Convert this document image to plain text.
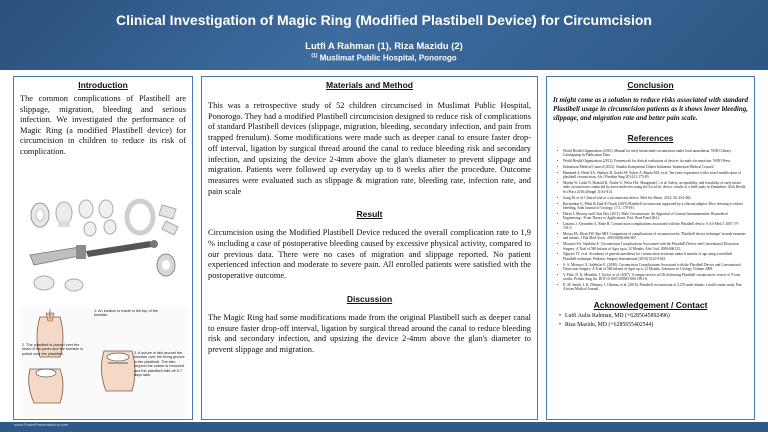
Clinical Investigation of Magic Ring (Modified Plastibell Device) for Circumcision
Lutfi A Rahman (1), Riza Mazidu (2)
$^{(1)}$ Muslimat Public Hospital, Ponorogo
Introduction
The common complications of Plastibell are slippage, migration, bleeding and serious infection. We investigated the performance of Magic Ring (a modified Plastibell device) for circumcision in children to reduce its risk of complication.
1. An incision is made in the top of the foreskin.
2. The plastibell is placed over the head of the penis and the foreskin is pulled over the plastibell.	3. A suture is tied around the foreskin over the fixing groove in the plastibell. The skin beyond the suture is removed and the plastibell falls off 5-7 days later.
Materials and Method
This was a retrospective study of 52 children circumcised in Muslimat Public Hospital, Ponorogo. They had a modified Plastibell circumcision designed to reduce risk of complications of standard Plastibell devices (slippage, migration, bleeding, secondary infection, and pain from trapped frenulum). Some modifications were made such as deeper canal to ensure faster drop-off interval, ligation by surgical thread around the canal to reduce bleeding risk and secondary infection, and upsizing the device 2-4mm above the glan's diameter to prevent slippage and migration. Patients were followed up everyday up to 8 weeks after the procedure. Outcome measures were evaluated such as slippage & migration rate, bleeding rate, infection rate, and pain scale
Result
Circumcision using the Modified Plastibell Device reduced the overall complication rate to 1,9 % including a case of postoperative bleeding caused by excessive physical activity, compared to our previous data. There were no cases of migration and slippage reported. No patient experienced infection and moderate to severe pain. All enrolled patients were satisfied with the postoperative outcome.
Discussion
The Magic Ring had some modifications made from the original Plastibell such as deeper canal to ensure faster drop-off interval, ligation by surgical thread around the canal to reduce bleeding risk and secondary infection, and upsizing the device 2-4mm above the glan's diameter to prevent slippage and migration.
Conclusion
It might come as a solution to reduce risks associated with standard Plastibell usage in circumcision patients as it shows lower bleeding, slippage, and migration rate and better pain scale.
References
• World Health Organization (2010). Manual for early infant male circumcision under local anaesthesia. WHO Library Cataloguing-in-Publication Data.
• World Health Organization (2012). Framework for clinical evaluation of devices for male circumcision. WHO Press.
• Indonesian Medical Council (2012). Standar Kompetensi Dokter Indonesia. Indonesian Medical Council.
• Hammed A, Helal AA, Shahroy R, Grado SF, Salyer A, Rauda MA, et al. Ten years experience with a novel modification of plastibell circumcision. Afr J Paediatr Surg 2014;11:175-83.
• Mavhu W, Larke N, Hatzold K, Ncube G, Weiss HA, Mangenah C, et al. Safety, acceptability, and feasibility of early infant male circumcision conducted by nurse-midwives using the AccuCirc device: results of a field study in Zimbabwe. Glob Health Sci Pract 2016;4(Suppl 1):S2-S14.
• Jiang M, et al. Clinical trial of a circumcision device. Med Sci Monit, 2014; 20: 454-462.
• Ravisankar G, Pillai & Ziad Al Nasrb (2019) Plastibell circumcision supported by a silicone adaptor: How dressing to reduce bleeding, Arab Journal of Urology, 17:3, 179-181.
• Dhruv L Mooray and Chris Hoy (2011). Male Circumcision: An Appraisal of Current Instrumentation. Biomedical Engineering - From Theory to Applications, Prof. Reza Fazel (Ed.).
• Lazarus J, Alexander A, Rode H. Circumcision complications associated with the Plastibell device. S Afr Med J. 2007; 97: 192-3.
• Moosa FA, Khan FW, Rao MH. Comparison of complications of circumcision by 'Plastibell device technique' in male neonates and infants. J Pak Med Assoc. 2010;60(8):664-667.
• Mousavi SA, Salehifar E. Circumcision Complications Associated with the Plastibell Device and Conventional Dissection Surgery: A Trial of 586 Infants of Ages up to 12 Months. Adv Urol. 2008:606123.
• Nguyen TT, et al. Avoidance of general anesthesia for circumcision in infants under 6 months of age using a modified Plastibell technique. Pediatric Surgery International (2019) 35:619-623.
• S. A. Mousavi, E. Salehifar E. (2008). Circumcision Complications Associated with the Plastibell Device and Conventional Dissection Surgery: A Trial of 586 Infants of Ages up to 12 Months, Advances in Urology Volume 2008.
• V. Palit, D. K. Menebhi, I. Taylor, et al. (2007). A unique service in UK delivering Plastibell circumcision: review of 9-year results. Pediatr Surg Int. DOI 10.1007/s00383-006-1891-6.
• K. M. Smith, J. K. Delaney, J. Olteanu, et al. (2016). Plastibell circumcision of 2,276 male infants: a multi-center study. Pan African Medical Journal.
Acknowledgement / Contact
• Lutfi Aulia Rahman, MD (+6285645892496)
• Riza Mazidu, MD (+6285655402544)
www.PosterPresentations.com
